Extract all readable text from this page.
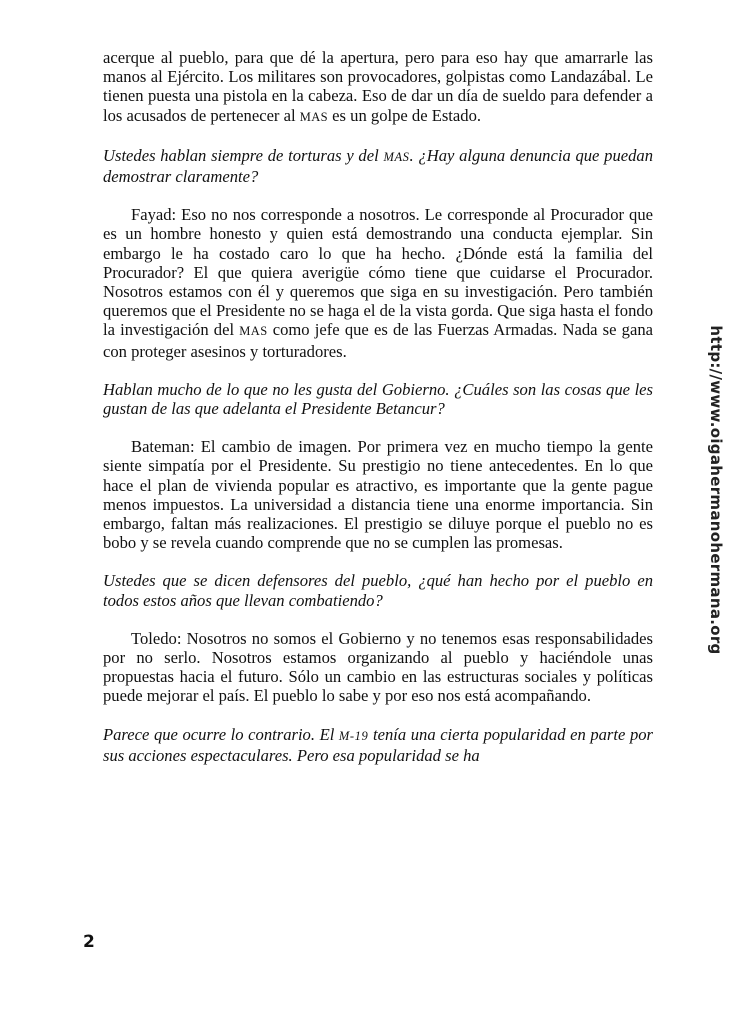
acerque al pueblo, para que dé la apertura, pero para eso hay que amarrarle las manos al Ejército. Los militares son provocadores, golpistas como Landazábal. Le tienen puesta una pistola en la cabeza. Eso de dar un día de sueldo para defender a los acusados de pertenecer al MAS es un golpe de Estado.

Ustedes hablan siempre de torturas y del MAS. ¿Hay alguna denuncia que puedan demostrar claramente?

Fayad: Eso no nos corresponde a nosotros. Le corresponde al Procurador que es un hombre honesto y quien está demostrando una conducta ejemplar. Sin embargo le ha costado caro lo que ha hecho. ¿Dónde está la familia del Procurador? El que quiera averigüe cómo tiene que cuidarse el Procurador. Nosotros estamos con él y queremos que siga en su investigación. Pero también queremos que el Presidente no se haga el de la vista gorda. Que siga hasta el fondo la investigación del MAS como jefe que es de las Fuerzas Armadas. Nada se gana con proteger asesinos y torturadores.

Hablan mucho de lo que no les gusta del Gobierno. ¿Cuáles son las cosas que les gustan de las que adelanta el Presidente Betancur?

Bateman: El cambio de imagen. Por primera vez en mucho tiempo la gente siente simpatía por el Presidente. Su prestigio no tiene antecedentes. En lo que hace el plan de vivienda popular es atractivo, es importante que la gente pague menos impuestos. La universidad a distancia tiene una enorme importancia. Sin embargo, faltan más realizaciones. El prestigio se diluye porque el pueblo no es bobo y se revela cuando comprende que no se cumplen las promesas.

Ustedes que se dicen defensores del pueblo, ¿qué han hecho por el pueblo en todos estos años que llevan combatiendo?

Toledo: Nosotros no somos el Gobierno y no tenemos esas responsabilidades por no serlo. Nosotros estamos organizando al pueblo y haciéndole unas propuestas hacia el futuro. Sólo un cambio en las estructuras sociales y políticas puede mejorar el país. El pueblo lo sabe y por eso nos está acompañando.

Parece que ocurre lo contrario. El M-19 tenía una cierta popularidad en parte por sus acciones espectaculares. Pero esa popularidad se ha

2
http://www.oigahermanohermana.org
